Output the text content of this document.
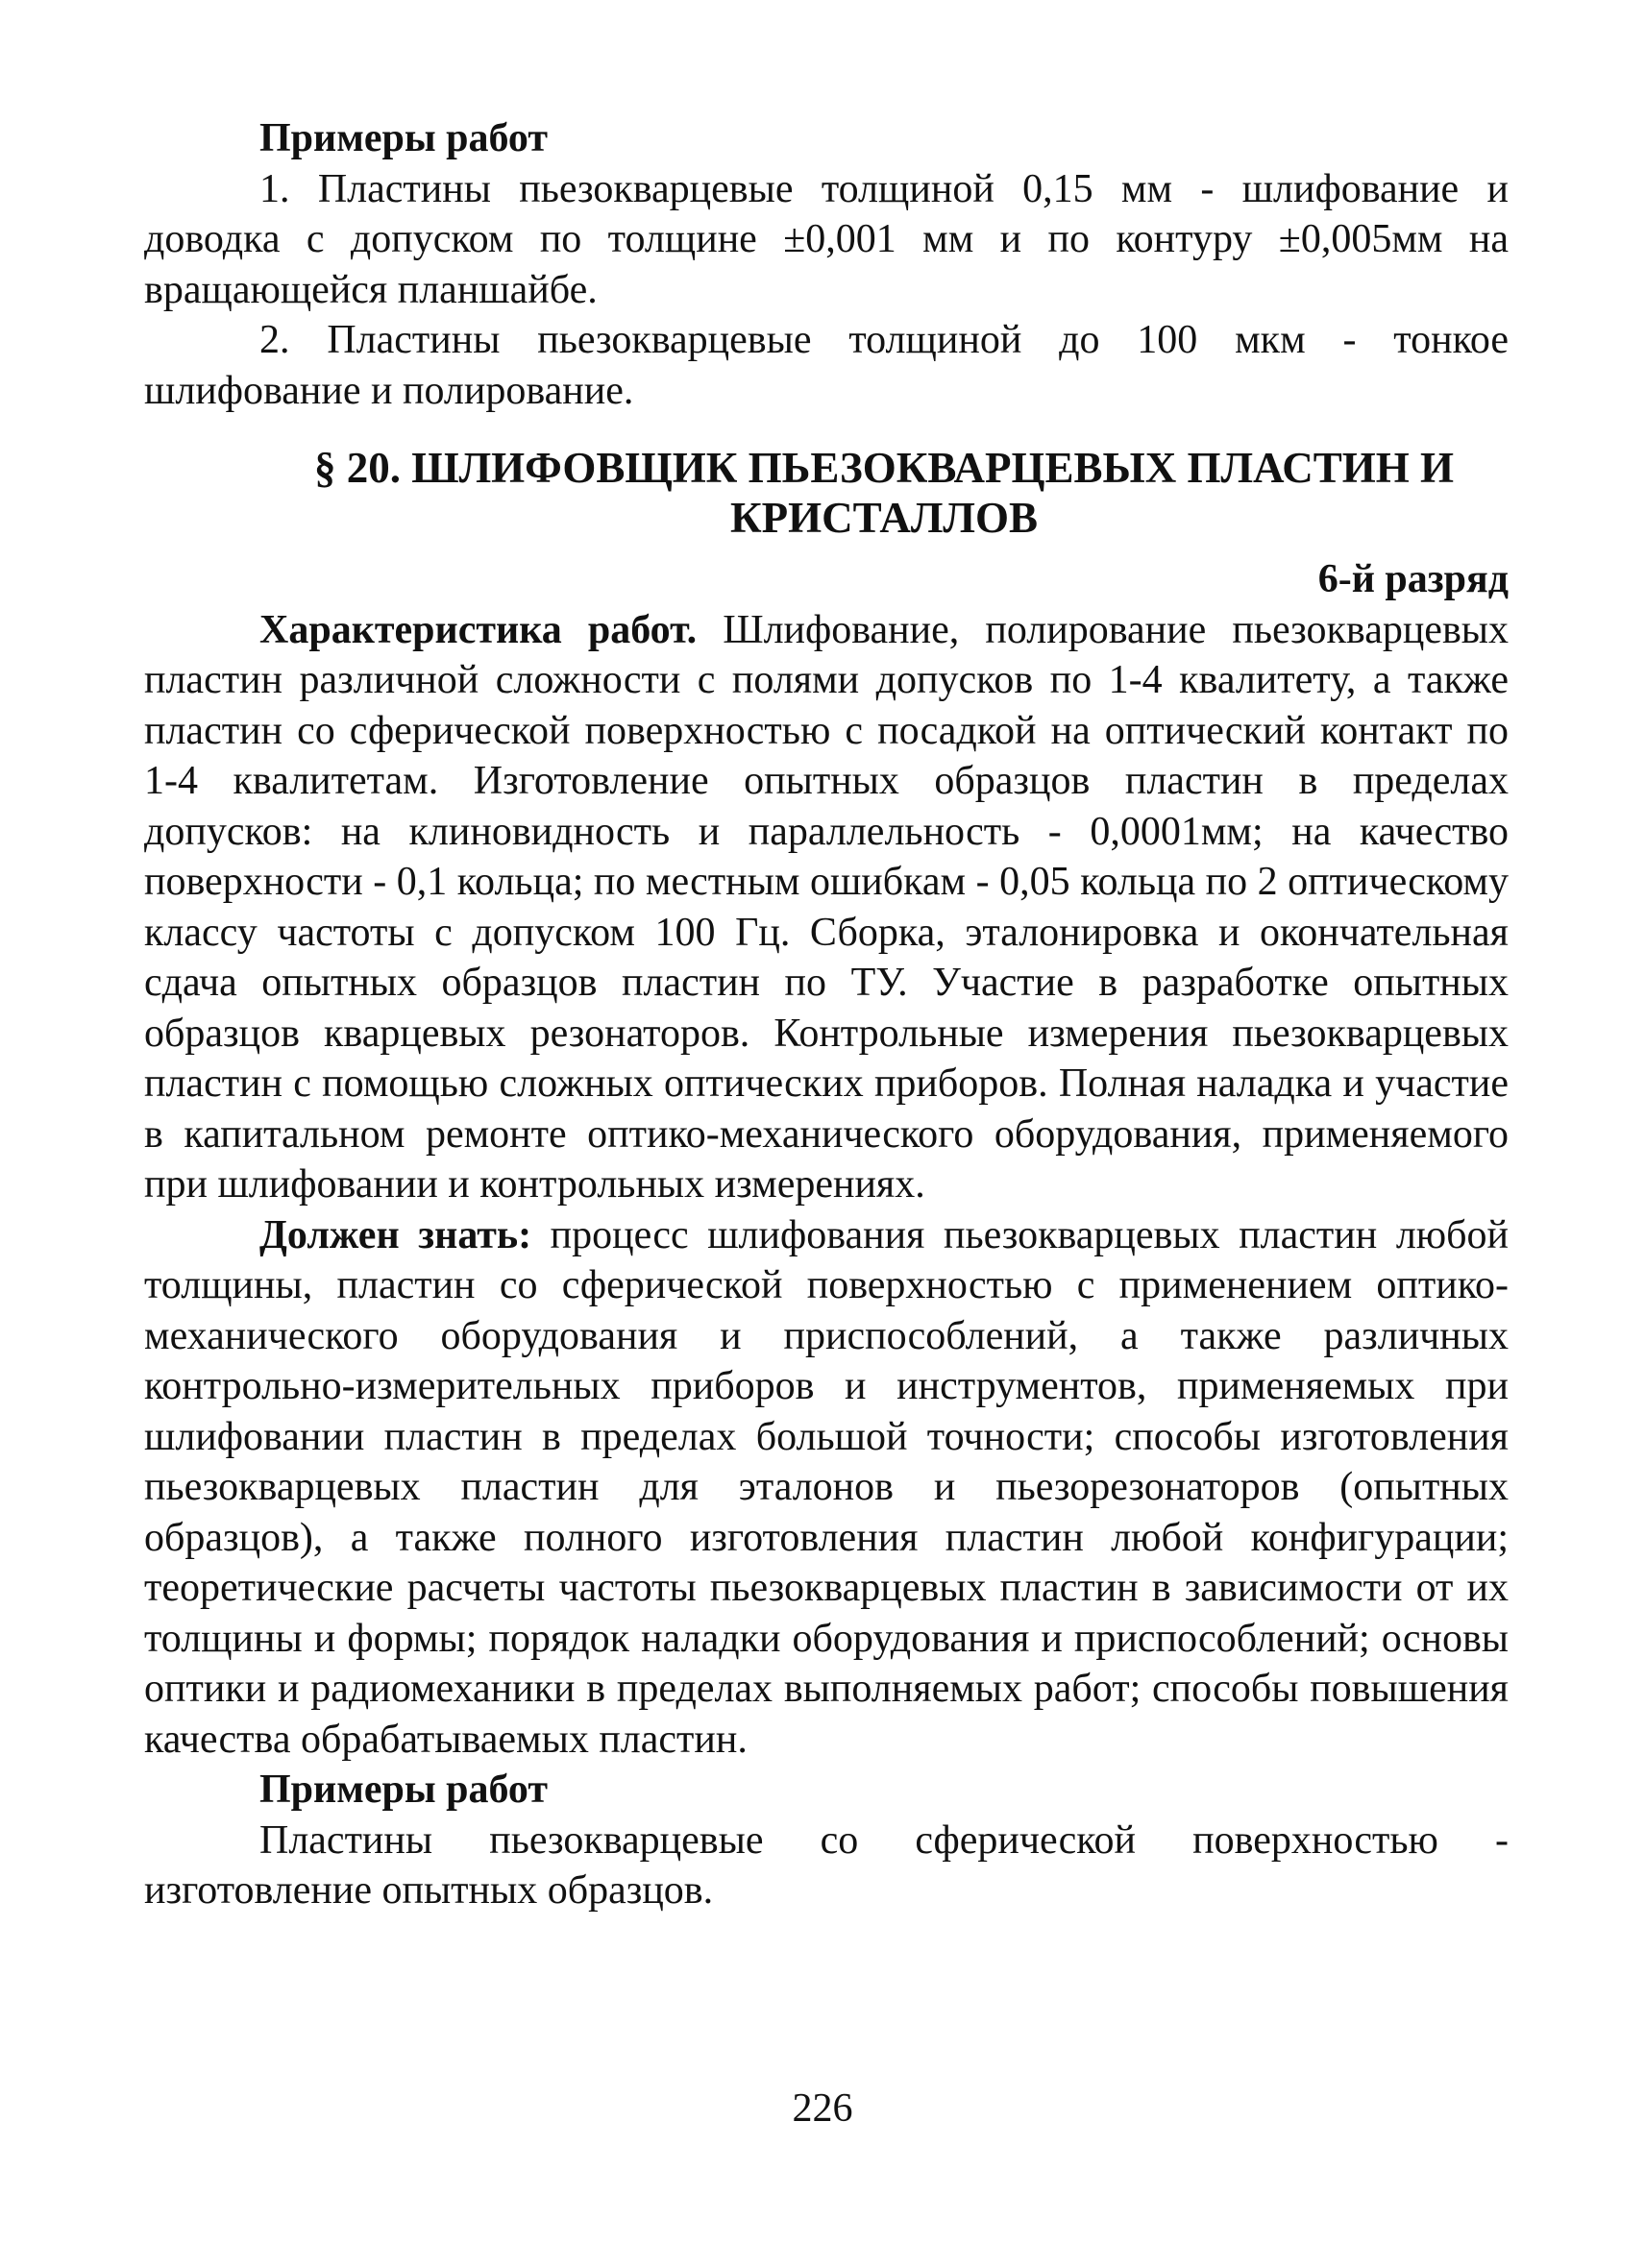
Примеры работ

1. Пластины пьезокварцевые толщиной 0,15 мм - шлифование и доводка с допуском по толщине ±0,001 мм и по контуру ±0,005мм на вращающейся планшайбе.

2. Пластины пьезокварцевые толщиной до 100 мкм - тонкое шлифование и полирование.

§ 20. ШЛИФОВЩИК ПЬЕЗОКВАРЦЕВЫХ ПЛАСТИН И
КРИСТАЛЛОВ

6-й разряд

Характеристика работ. Шлифование, полирование пьезокварцевых пластин различной сложности с полями допусков по 1-4 квалитету, а также пластин со сферической поверхностью с посадкой на оптический контакт по 1-4 квалитетам. Изготовление опытных образцов пластин в пределах допусков: на клиновидность и параллельность - 0,0001мм; на качество поверхности - 0,1 кольца; по местным ошибкам - 0,05 кольца по 2 оптическому классу частоты с допуском 100 Гц. Сборка, эталонировка и окончательная сдача опытных образцов пластин по ТУ. Участие в разработке опытных образцов кварцевых резонаторов. Контрольные измерения пьезокварцевых пластин с помощью сложных оптических приборов. Полная наладка и участие в капитальном ремонте оптико-механического оборудования, применяемого при шлифовании и контрольных измерениях.

Должен знать: процесс шлифования пьезокварцевых пластин любой толщины, пластин со сферической поверхностью с применением оптико-механического оборудования и приспособлений, а также различных контрольно-измерительных приборов и инструментов, применяемых при шлифовании пластин в пределах большой точности; способы изготовления пьезокварцевых пластин для эталонов и пьезорезонаторов (опытных образцов), а также полного изготовления пластин любой конфигурации; теоретические расчеты частоты пьезокварцевых пластин в зависимости от их толщины и формы; порядок наладки оборудования и приспособлений; основы оптики и радиомеханики в пределах выполняемых работ; способы повышения качества обрабатываемых пластин.

Примеры работ

Пластины пьезокварцевые со сферической поверхностью - изготовление опытных образцов.

226
